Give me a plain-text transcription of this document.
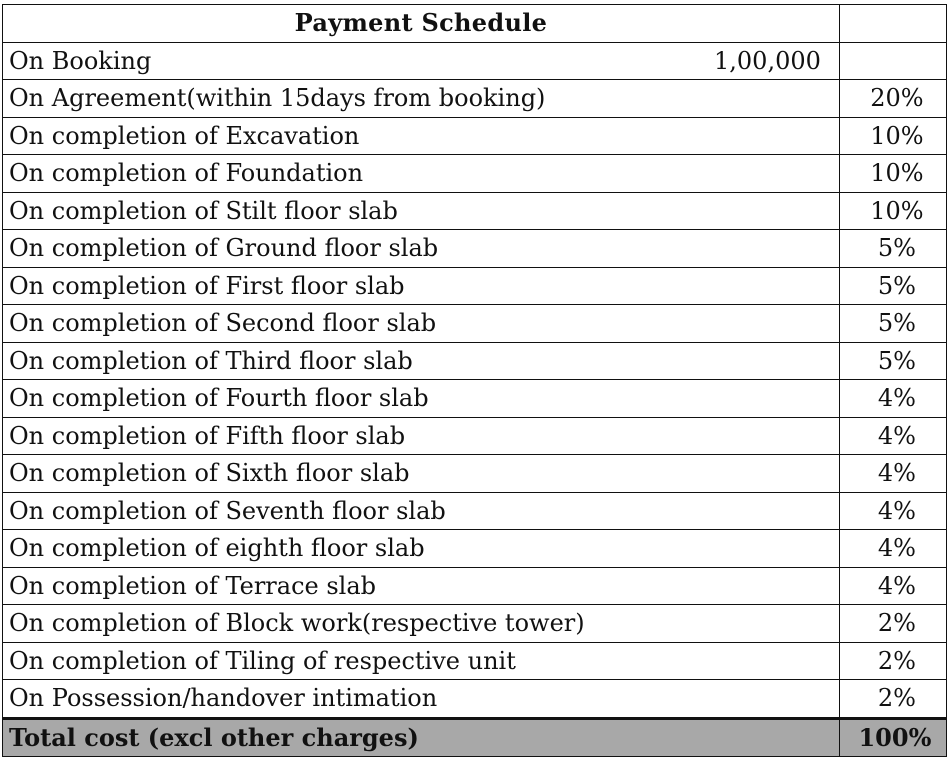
Payment Schedule	

On Booking 1,00,000	

On Agreement(within 15days from booking)	20%
On completion of Excavation	10%
On completion of Foundation	10%
On completion of Stilt floor slab	10%
On completion of Ground floor slab	5%
On completion of First floor slab	5%
On completion of Second floor slab	5%
On completion of Third floor slab	5%
On completion of Fourth floor slab	4%
On completion of Fifth floor slab	4%
On completion of Sixth floor slab	4%
On completion of Seventh floor slab	4%
On completion of eighth floor slab	4%
On completion of Terrace slab	4%
On completion of Block work(respective tower)	2%
On completion of Tiling of respective unit	2%
On Possession/handover intimation	2%
Total cost (excl other charges)	100%
